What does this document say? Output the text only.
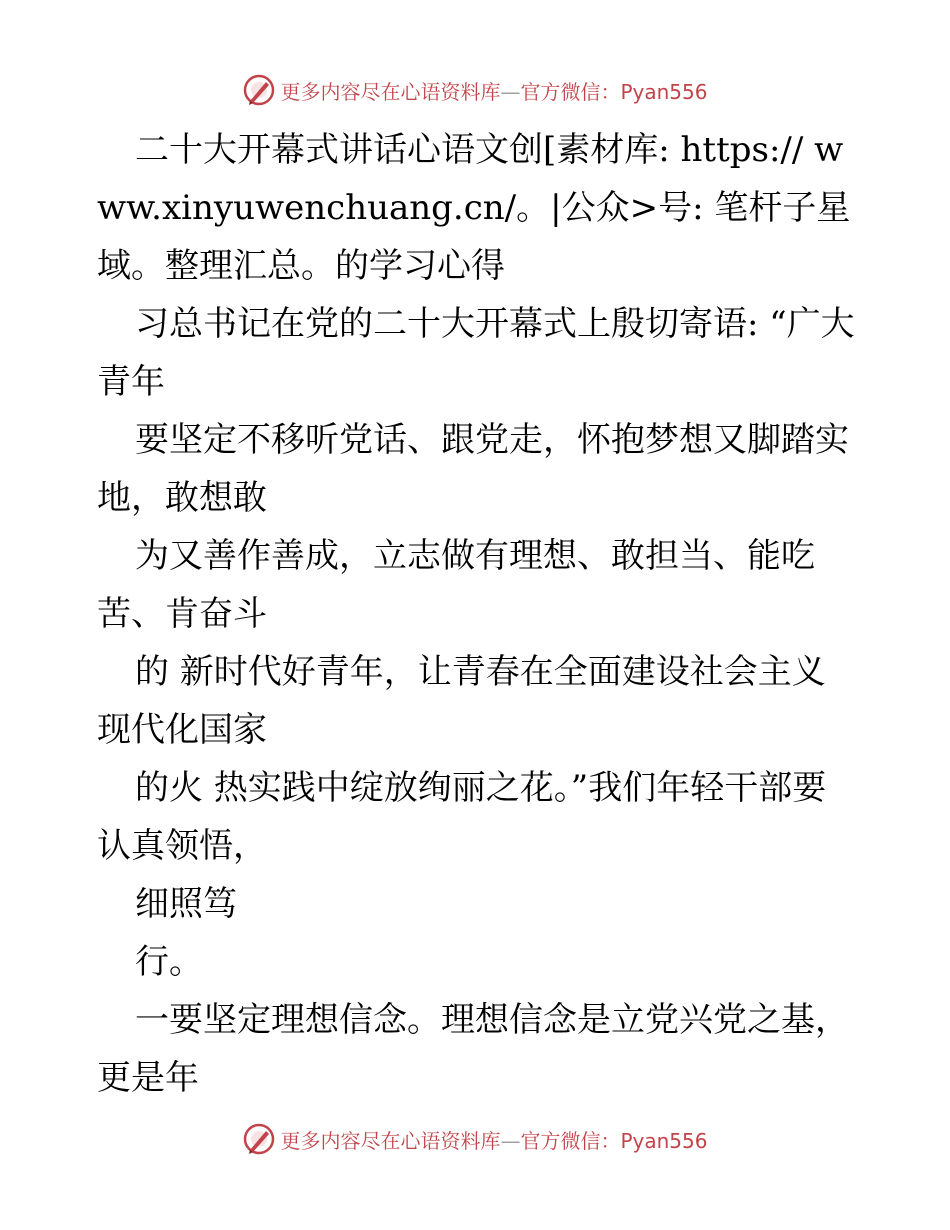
更多内容尽在心语资料库—官方微信：Pyan556

二十大开幕式讲话心语文创[素材库: https:// www.xinyuwenchuang.cn/。|公众>号: 笔杆子星域。整理汇总。的学习心得

习总书记在党的二十大开幕式上殷切寄语: “广大青年

要坚定不移听党话、跟党走，怀抱梦想又脚踏实地，敢想敢

为又善作善成，立志做有理想、敢担当、能吃苦、肯奋斗

的 新时代好青年，让青春在全面建设社会主义现代化国家

的火 热实践中绽放绚丽之花。”我们年轻干部要认真领悟，

细照笃

行。

一要坚定理想信念。理想信念是立党兴党之基，更是年

更多内容尽在心语资料库—官方微信：Pyan556
